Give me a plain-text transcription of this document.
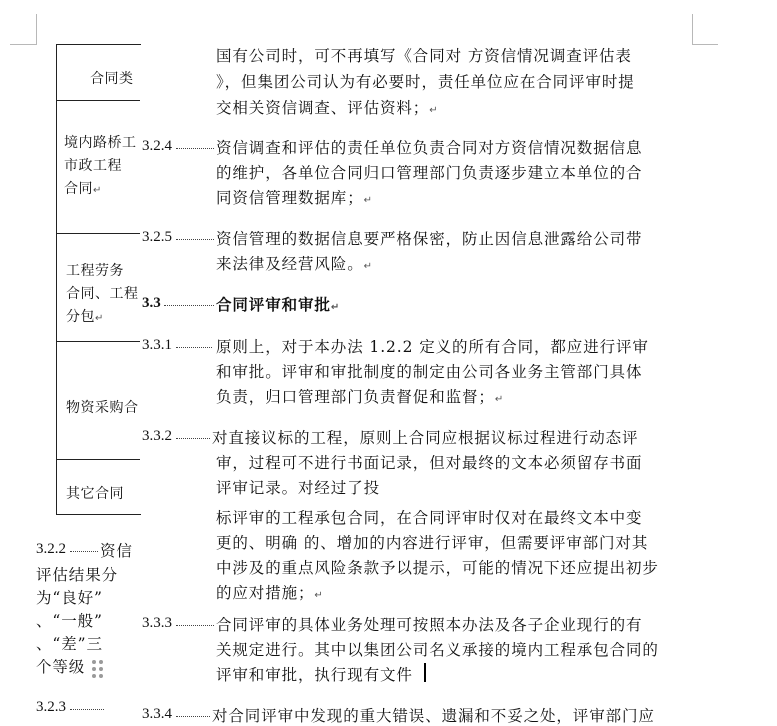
合同类
境内路桥工
市政工程
合同↵
工程劳务
合同、工程
分包↵
物资采购合
其它合同
国有公司时，可不再填写《合同对 方资信情况调查评估表
》，但集团公司认为有必要时，责任单位应在合同评审时提
交相关资信调查、评估资料；↵
3.2.4	资信调查和评估的责任单位负责合同对方资信情况数据信息
的维护，各单位合同归口管理部门负责逐步建立本单位的合
同资信管理数据库；↵
3.2.5	资信管理的数据信息要严格保密，防止因信息泄露给公司带
来法律及经营风险。↵
3.3	合同评审和审批↵
3.3.1	原则上，对于本办法 1.2.2 定义的所有合同，都应进行评审
和审批。评审和审批制度的制定由公司各业务主管部门具体
负责，归口管理部门负责督促和监督；↵
3.3.2	对直接议标的工程，原则上合同应根据议标过程进行动态评
审，过程可不进行书面记录，但对最终的文本必须留存书面
评审记录。对经过了投
标评审的工程承包合同，在合同评审时仅对在最终文本中变
更的、明确 的、增加的内容进行评审，但需要评审部门对其
中涉及的重点风险条款予以提示，可能的情况下还应提出初步
的应对措施；↵
3.3.3	合同评审的具体业务处理可按照本办法及各子企业现行的有
关规定进行。其中以集团公司名义承接的境内工程承包合同的
评审和审批，执行现有文件
3.3.4	对合同评审中发现的重大错误、遗漏和不妥之处，评审部门应
3.2.2 资信
评估结果分
为“良好”
、“一般”
、“差”三
个等级
3.2.3
